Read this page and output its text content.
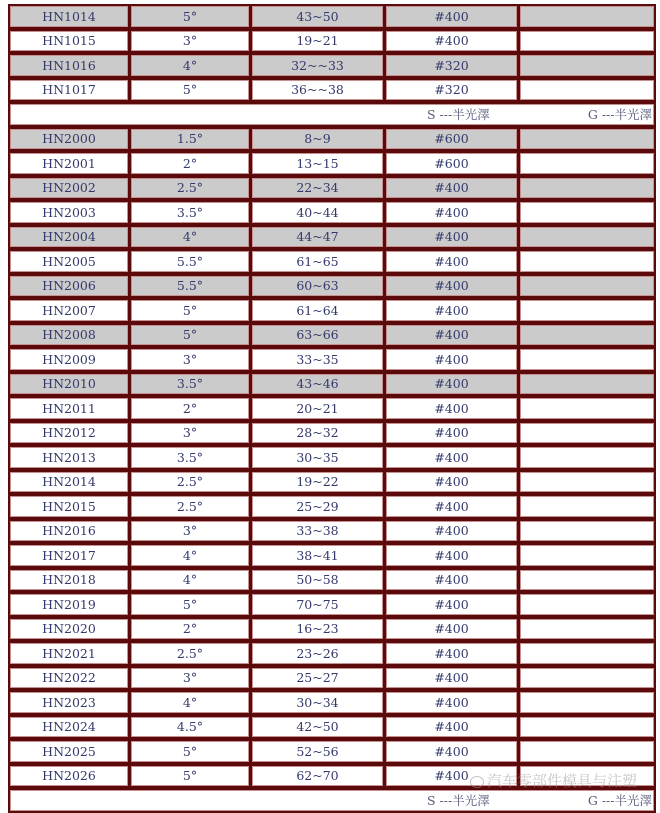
HN1014	5°	43~50	#400	
HN1015	3°	19~21	#400	
HN1016	4°	32~~33	#320	
HN1017	5°	36~~38	#320	
S ---半光澤 G ---半光澤				
HN2000	1.5°	8~9	#600	
HN2001	2°	13~15	#600	
HN2002	2.5°	22~34	#400	
HN2003	3.5°	40~44	#400	
HN2004	4°	44~47	#400	
HN2005	5.5°	61~65	#400	
HN2006	5.5°	60~63	#400	
HN2007	5°	61~64	#400	
HN2008	5°	63~66	#400	
HN2009	3°	33~35	#400	
HN2010	3.5°	43~46	#400	
HN2011	2°	20~21	#400	
HN2012	3°	28~32	#400	
HN2013	3.5°	30~35	#400	
HN2014	2.5°	19~22	#400	
HN2015	2.5°	25~29	#400	
HN2016	3°	33~38	#400	
HN2017	4°	38~41	#400	
HN2018	4°	50~58	#400	
HN2019	5°	70~75	#400	
HN2020	2°	16~23	#400	
HN2021	2.5°	23~26	#400	
HN2022	3°	25~27	#400	
HN2023	4°	30~34	#400	
HN2024	4.5°	42~50	#400	
HN2025	5°	52~56	#400	
HN2026	5°	62~70	#400	
S ---半光澤 G ---半光澤				
汽车零部件模具与注塑
